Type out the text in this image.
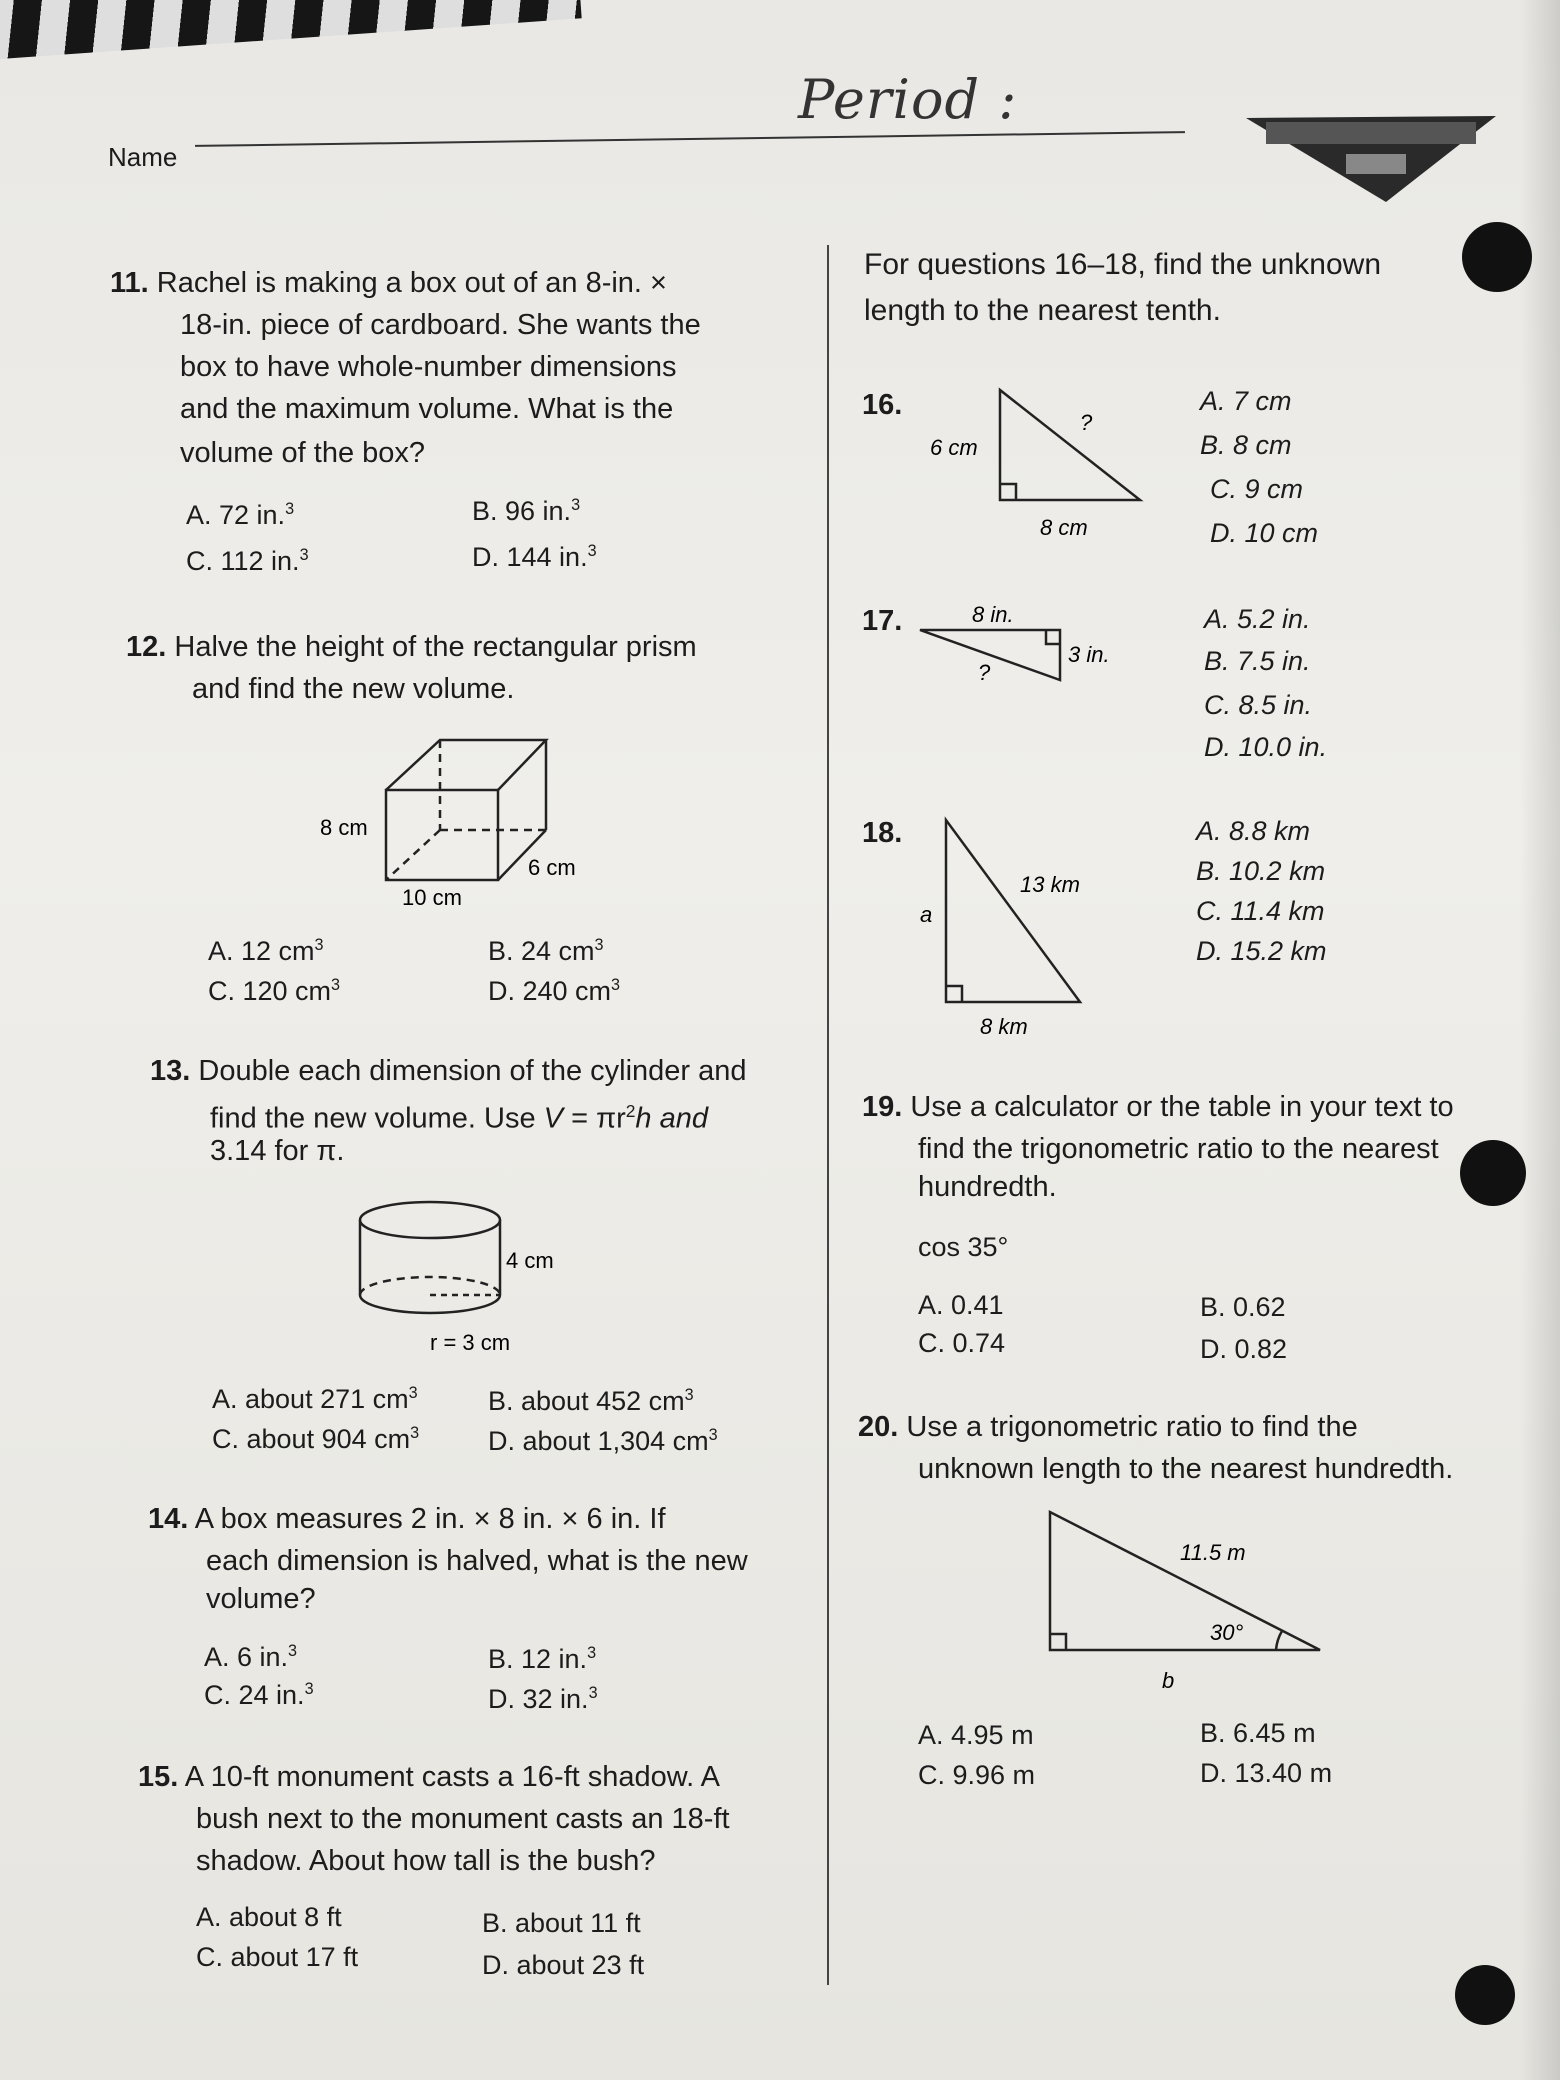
Name
Period :
11. Rachel is making a box out of an 8-in. ×
18-in. piece of cardboard. She wants the
box to have whole-number dimensions
and the maximum volume. What is the
volume of the box?
A. 72 in.$^3$	B. 96 in.$^3$
C. 112 in.$^3$	D. 144 in.$^3$
12. Halve the height of the rectangular prism
and find the new volume.
8 cm
10 cm
6 cm
A. 12 $cm^3$	B. 24 $cm^3$
C. 120 $cm^3$	D. 240 $cm^3$
13. Double each dimension of the cylinder and
find the new volume. Use $V = \pi r^2h$ and
3.14 for π.
4 cm
r = 3 cm
A. about 271 $cm^3$	B. about 452 $cm^3$
C. about 904 $cm^3$	D. about 1,304 $cm^3$
14. A box measures 2 in. × 8 in. × 6 in. If
each dimension is halved, what is the new
volume?
A. 6 in.$^3$	B. 12 in.$^3$
C. 24 in.$^3$	D. 32 in.$^3$
15. A 10-ft monument casts a 16-ft shadow. A
bush next to the monument casts an 18-ft
shadow. About how tall is the bush?
A. about 8 ft	B. about 11 ft
C. about 17 ft	D. about 23 ft
For questions 16–18, find the unknown
length to the nearest tenth.
16.
6 cm
8 cm
?
A. 7 cm
B. 8 cm
C. 9 cm
D. 10 cm
17.	8 in.
3 in.
?
A. 5.2 in.
B. 7.5 in.
C. 8.5 in.
D. 10.0 in.
18.
a
13 km
8 km
A. 8.8 km
B. 10.2 km
C. 11.4 km
D. 15.2 km
19. Use a calculator or the table in your text to
find the trigonometric ratio to the nearest
hundredth.
cos 35°
A. 0.41	B. 0.62
C. 0.74	D. 0.82
20. Use a trigonometric ratio to find the
unknown length to the nearest hundredth.
11.5 m
30°
b
A. 4.95 m	B. 6.45 m
C. 9.96 m	D. 13.40 m
